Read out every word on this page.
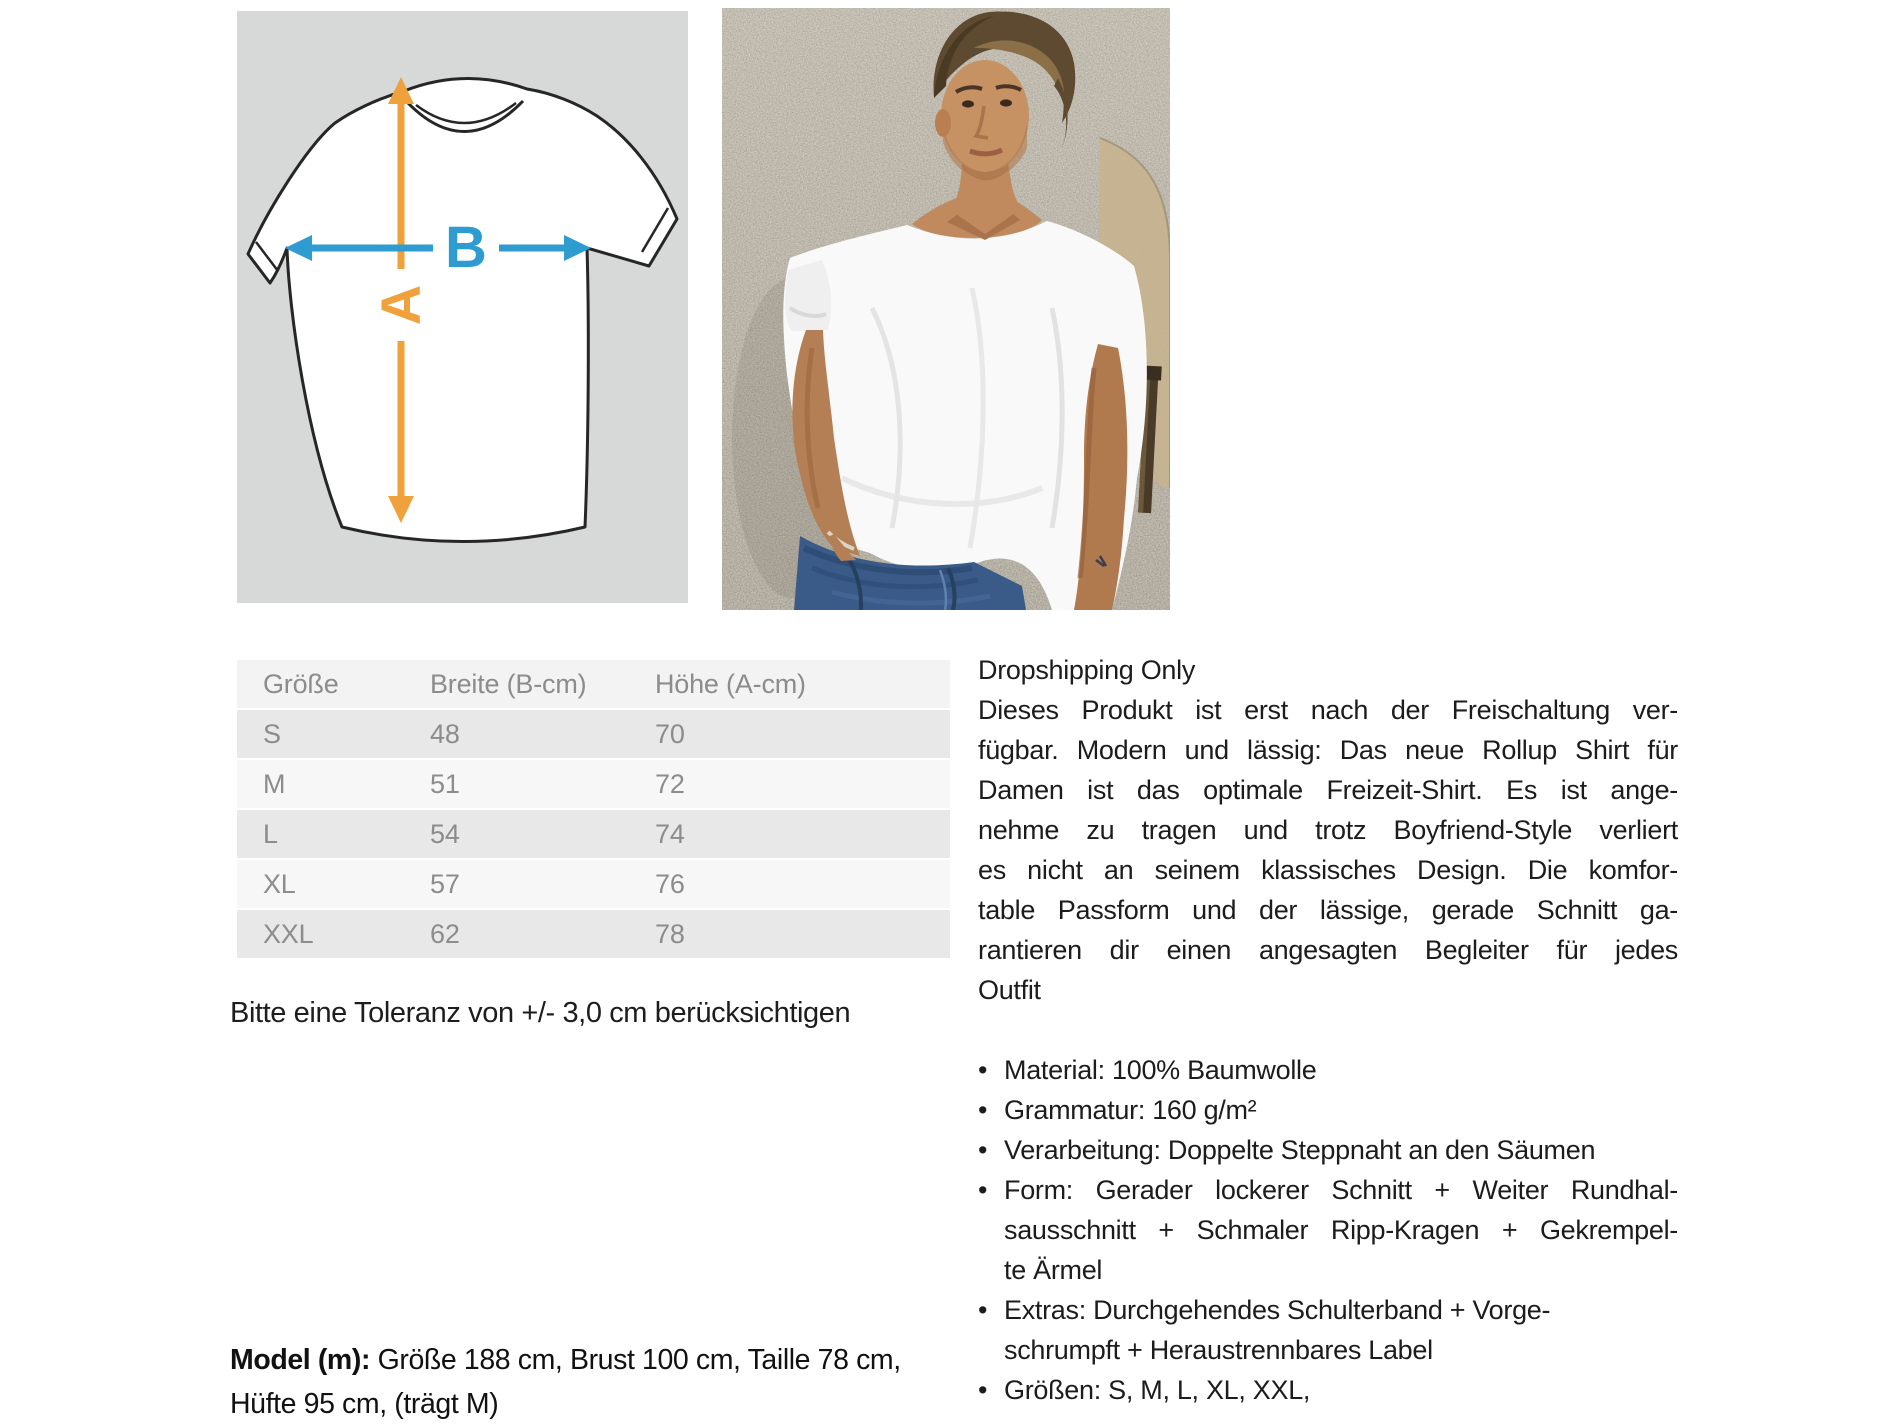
A
B
Größe	Breite (B-cm)	Höhe (A-cm)
S	48	70
M	51	72
L	54	74
XL	57	76
XXL	62	78
Bitte eine Toleranz von +/- 3,0 cm berücksichtigen
Model (m): Größe 188 cm, Brust 100 cm, Taille 78 cm,
Hüfte 95 cm, (trägt M)
Dropshipping Only
Dieses Produkt ist erst nach der Freischaltung ver-
fügbar. Modern und lässig: Das neue Rollup Shirt für
Damen ist das optimale Freizeit-Shirt. Es ist ange-
nehme zu tragen und trotz Boyfriend-Style verliert
es nicht an seinem klassisches Design. Die komfor-
table Passform und der lässige, gerade Schnitt ga-
rantieren dir einen angesagten Begleiter für jedes
Outfit
• Material: 100% Baumwolle
• Grammatur: 160 g/m²
• Verarbeitung: Doppelte Steppnaht an den Säumen
• Form: Gerader lockerer Schnitt + Weiter Rundhal-
sausschnitt + Schmaler Ripp-Kragen + Gekrempel-
te Ärmel
• Extras: Durchgehendes Schulterband + Vorge-
schrumpft + Heraustrennbares Label
• Größen: S, M, L, XL, XXL,
